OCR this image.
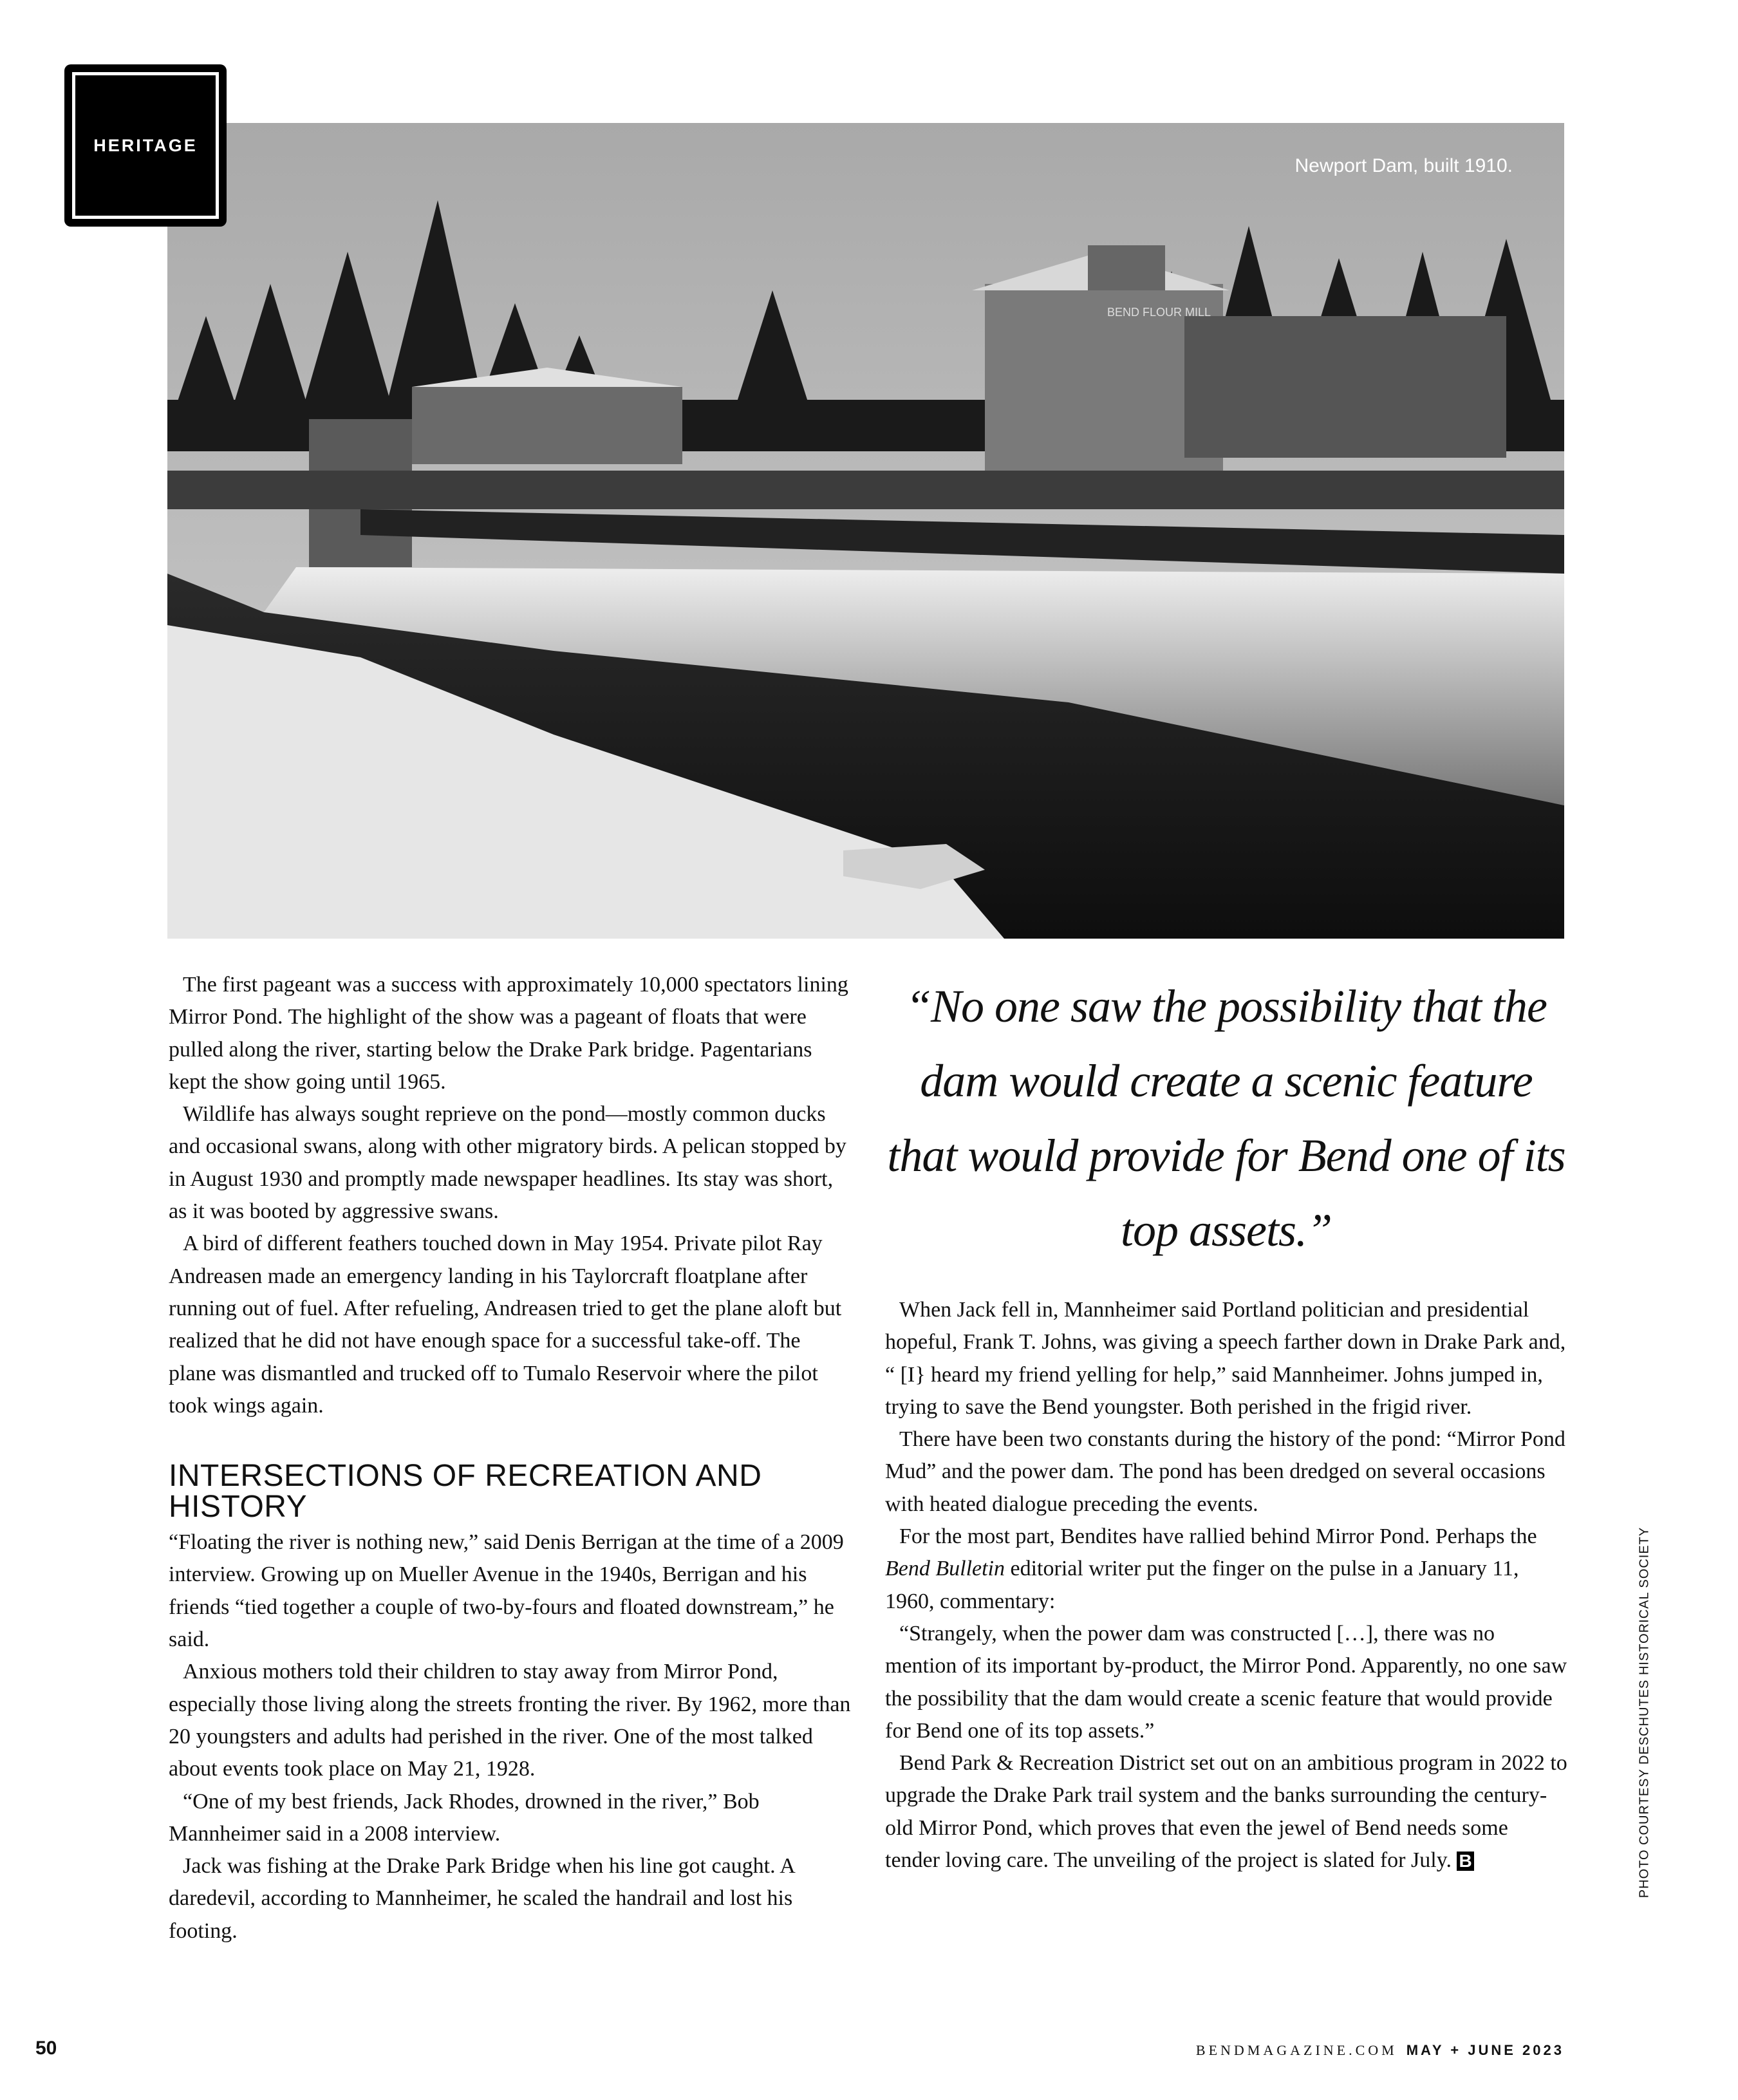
HERITAGE
BEND FLOUR MILL
Newport Dam, built 1910.

The first pageant was a success with approximately 10,000 spectators lining Mirror Pond. The highlight of the show was a pageant of floats that were pulled along the river, starting below the Drake Park bridge. Pagentarians kept the show going until 1965.

Wildlife has always sought reprieve on the pond—mostly common ducks and occasional swans, along with other migratory birds. A pelican stopped by in August 1930 and promptly made newspaper headlines. Its stay was short, as it was booted by aggressive swans.

A bird of different feathers touched down in May 1954. Private pilot Ray Andreasen made an emergency landing in his Taylorcraft floatplane after running out of fuel. After refueling, Andreasen tried to get the plane aloft but realized that he did not have enough space for a successful take-off. The plane was dismantled and trucked off to Tumalo Reservoir where the pilot took wings again.

INTERSECTIONS OF RECREATION AND HISTORY

“Floating the river is nothing new,” said Denis Berrigan at the time of a 2009 interview. Growing up on Mueller Avenue in the 1940s, Berrigan and his friends “tied together a couple of two-by-fours and floated downstream,” he said.

Anxious mothers told their children to stay away from Mirror Pond, especially those living along the streets fronting the river. By 1962, more than 20 youngsters and adults had perished in the river. One of the most talked about events took place on May 21, 1928.

“One of my best friends, Jack Rhodes, drowned in the river,” Bob Mannheimer said in a 2008 interview.

Jack was fishing at the Drake Park Bridge when his line got caught. A daredevil, according to Mannheimer, he scaled the handrail and lost his footing.

“No one saw the possibility that the dam would create a scenic feature that would provide for Bend one of its top assets.”

When Jack fell in, Mannheimer said Portland politician and presidential hopeful, Frank T. Johns, was giving a speech farther down in Drake Park and, “ [I} heard my friend yelling for help,” said Mannheimer. Johns jumped in, trying to save the Bend youngster. Both perished in the frigid river.

There have been two constants during the history of the pond: “Mirror Pond Mud” and the power dam. The pond has been dredged on several occasions with heated dialogue preceding the events.

For the most part, Bendites have rallied behind Mirror Pond. Perhaps the Bend Bulletin editorial writer put the finger on the pulse in a January 11, 1960, commentary:

“Strangely, when the power dam was constructed […], there was no mention of its important by-product, the Mirror Pond. Apparently, no one saw the possibility that the dam would create a scenic feature that would provide for Bend one of its top assets.”

Bend Park & Recreation District set out on an ambitious program in 2022 to upgrade the Drake Park trail system and the banks surrounding the century-old Mirror Pond, which proves that even the jewel of Bend needs some tender loving care. The unveiling of the project is slated for July. B	PHOTO COURTESY DESCHUTES HISTORICAL SOCIETY
50	BENDMAGAZINE.COM MAY + JUNE 2023
